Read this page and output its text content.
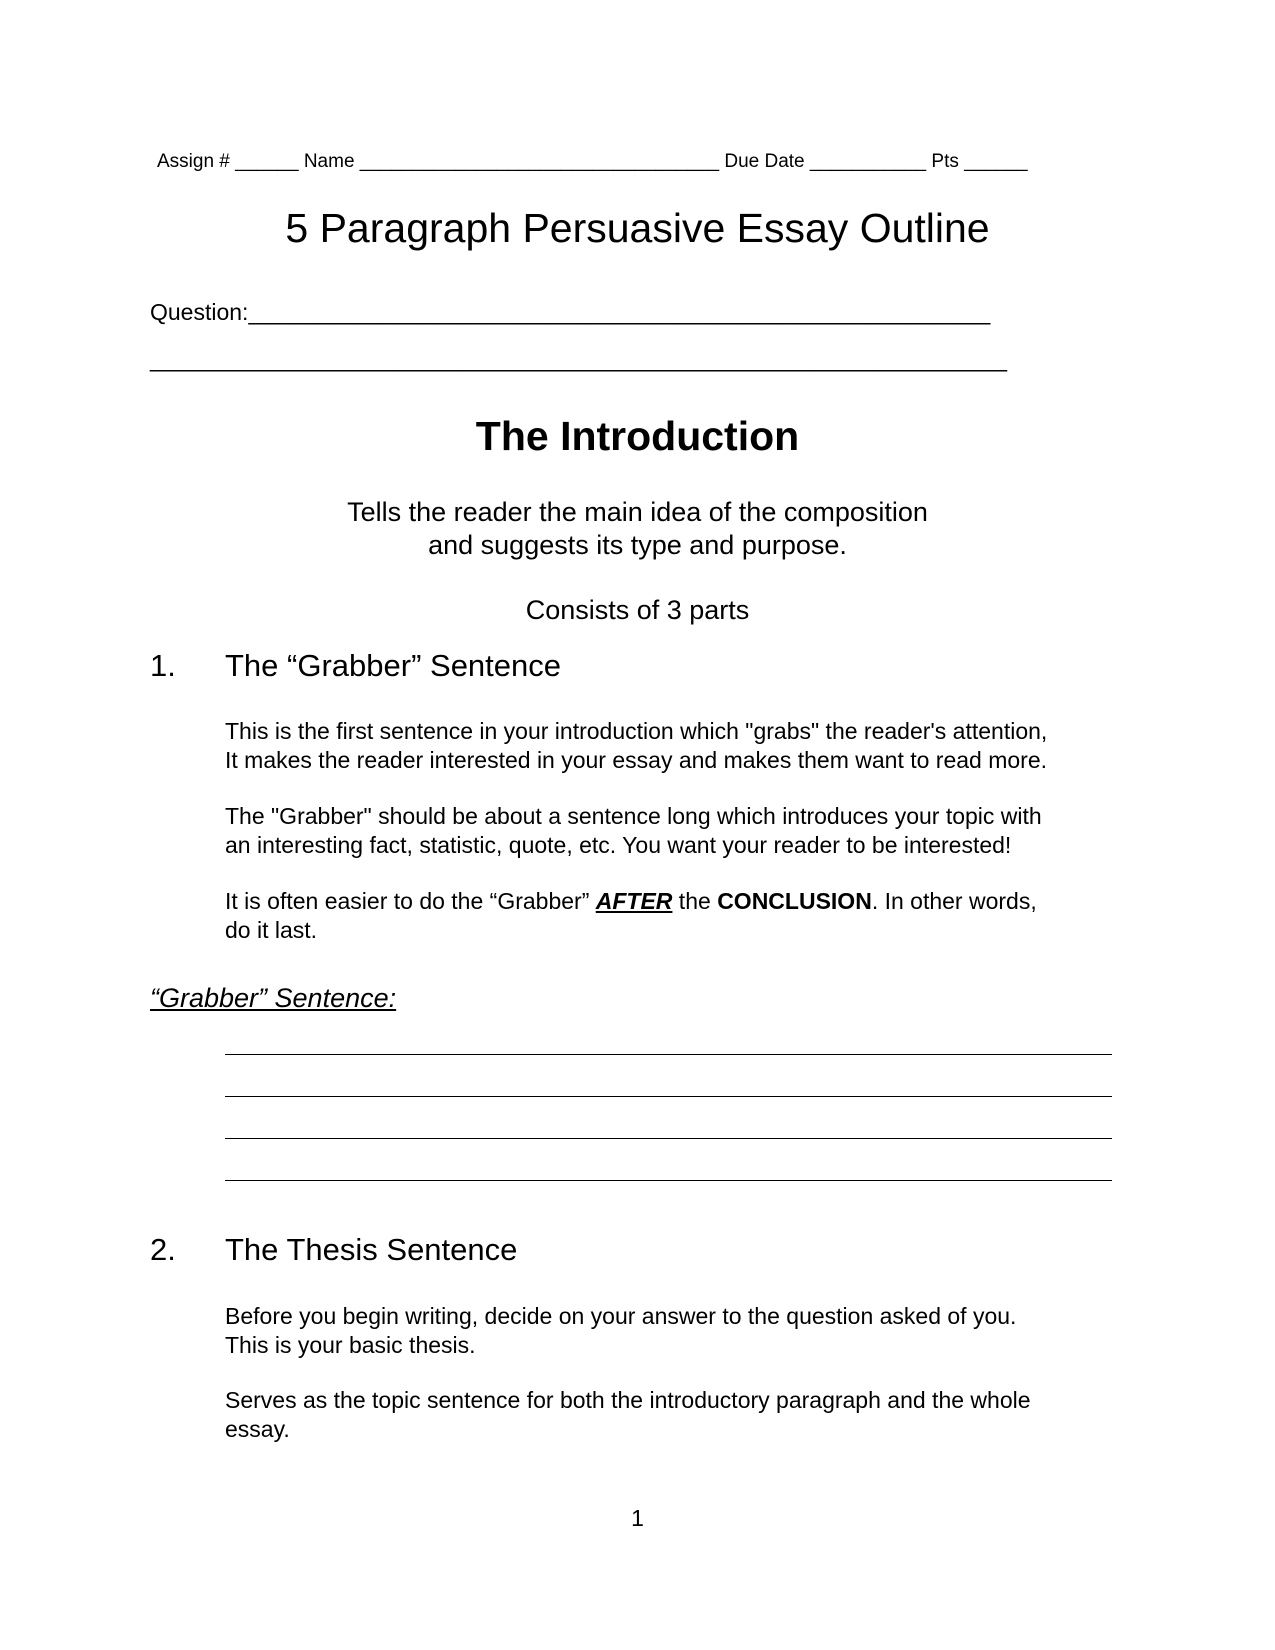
Assign # ______ Name __________________________________ Due Date ___________ Pts ______
5 Paragraph Persuasive Essay Outline
Question:__________________________________________________________
___________________________________________________________________
The Introduction
Tells the reader the main idea of the composition
and suggests its type and purpose.
Consists of 3 parts
1. The “Grabber” Sentence
This is the first sentence in your introduction which "grabs" the reader's attention,
It makes the reader interested in your essay and makes them want to read more.
The "Grabber" should be about a sentence long which introduces your topic with
an interesting fact, statistic, quote, etc. You want your reader to be interested!
It is often easier to do the “Grabber” AFTER the CONCLUSION. In other words,
do it last.
“Grabber” Sentence:
2. The Thesis Sentence
Before you begin writing, decide on your answer to the question asked of you.
This is your basic thesis.
Serves as the topic sentence for both the introductory paragraph and the whole
essay.
1
